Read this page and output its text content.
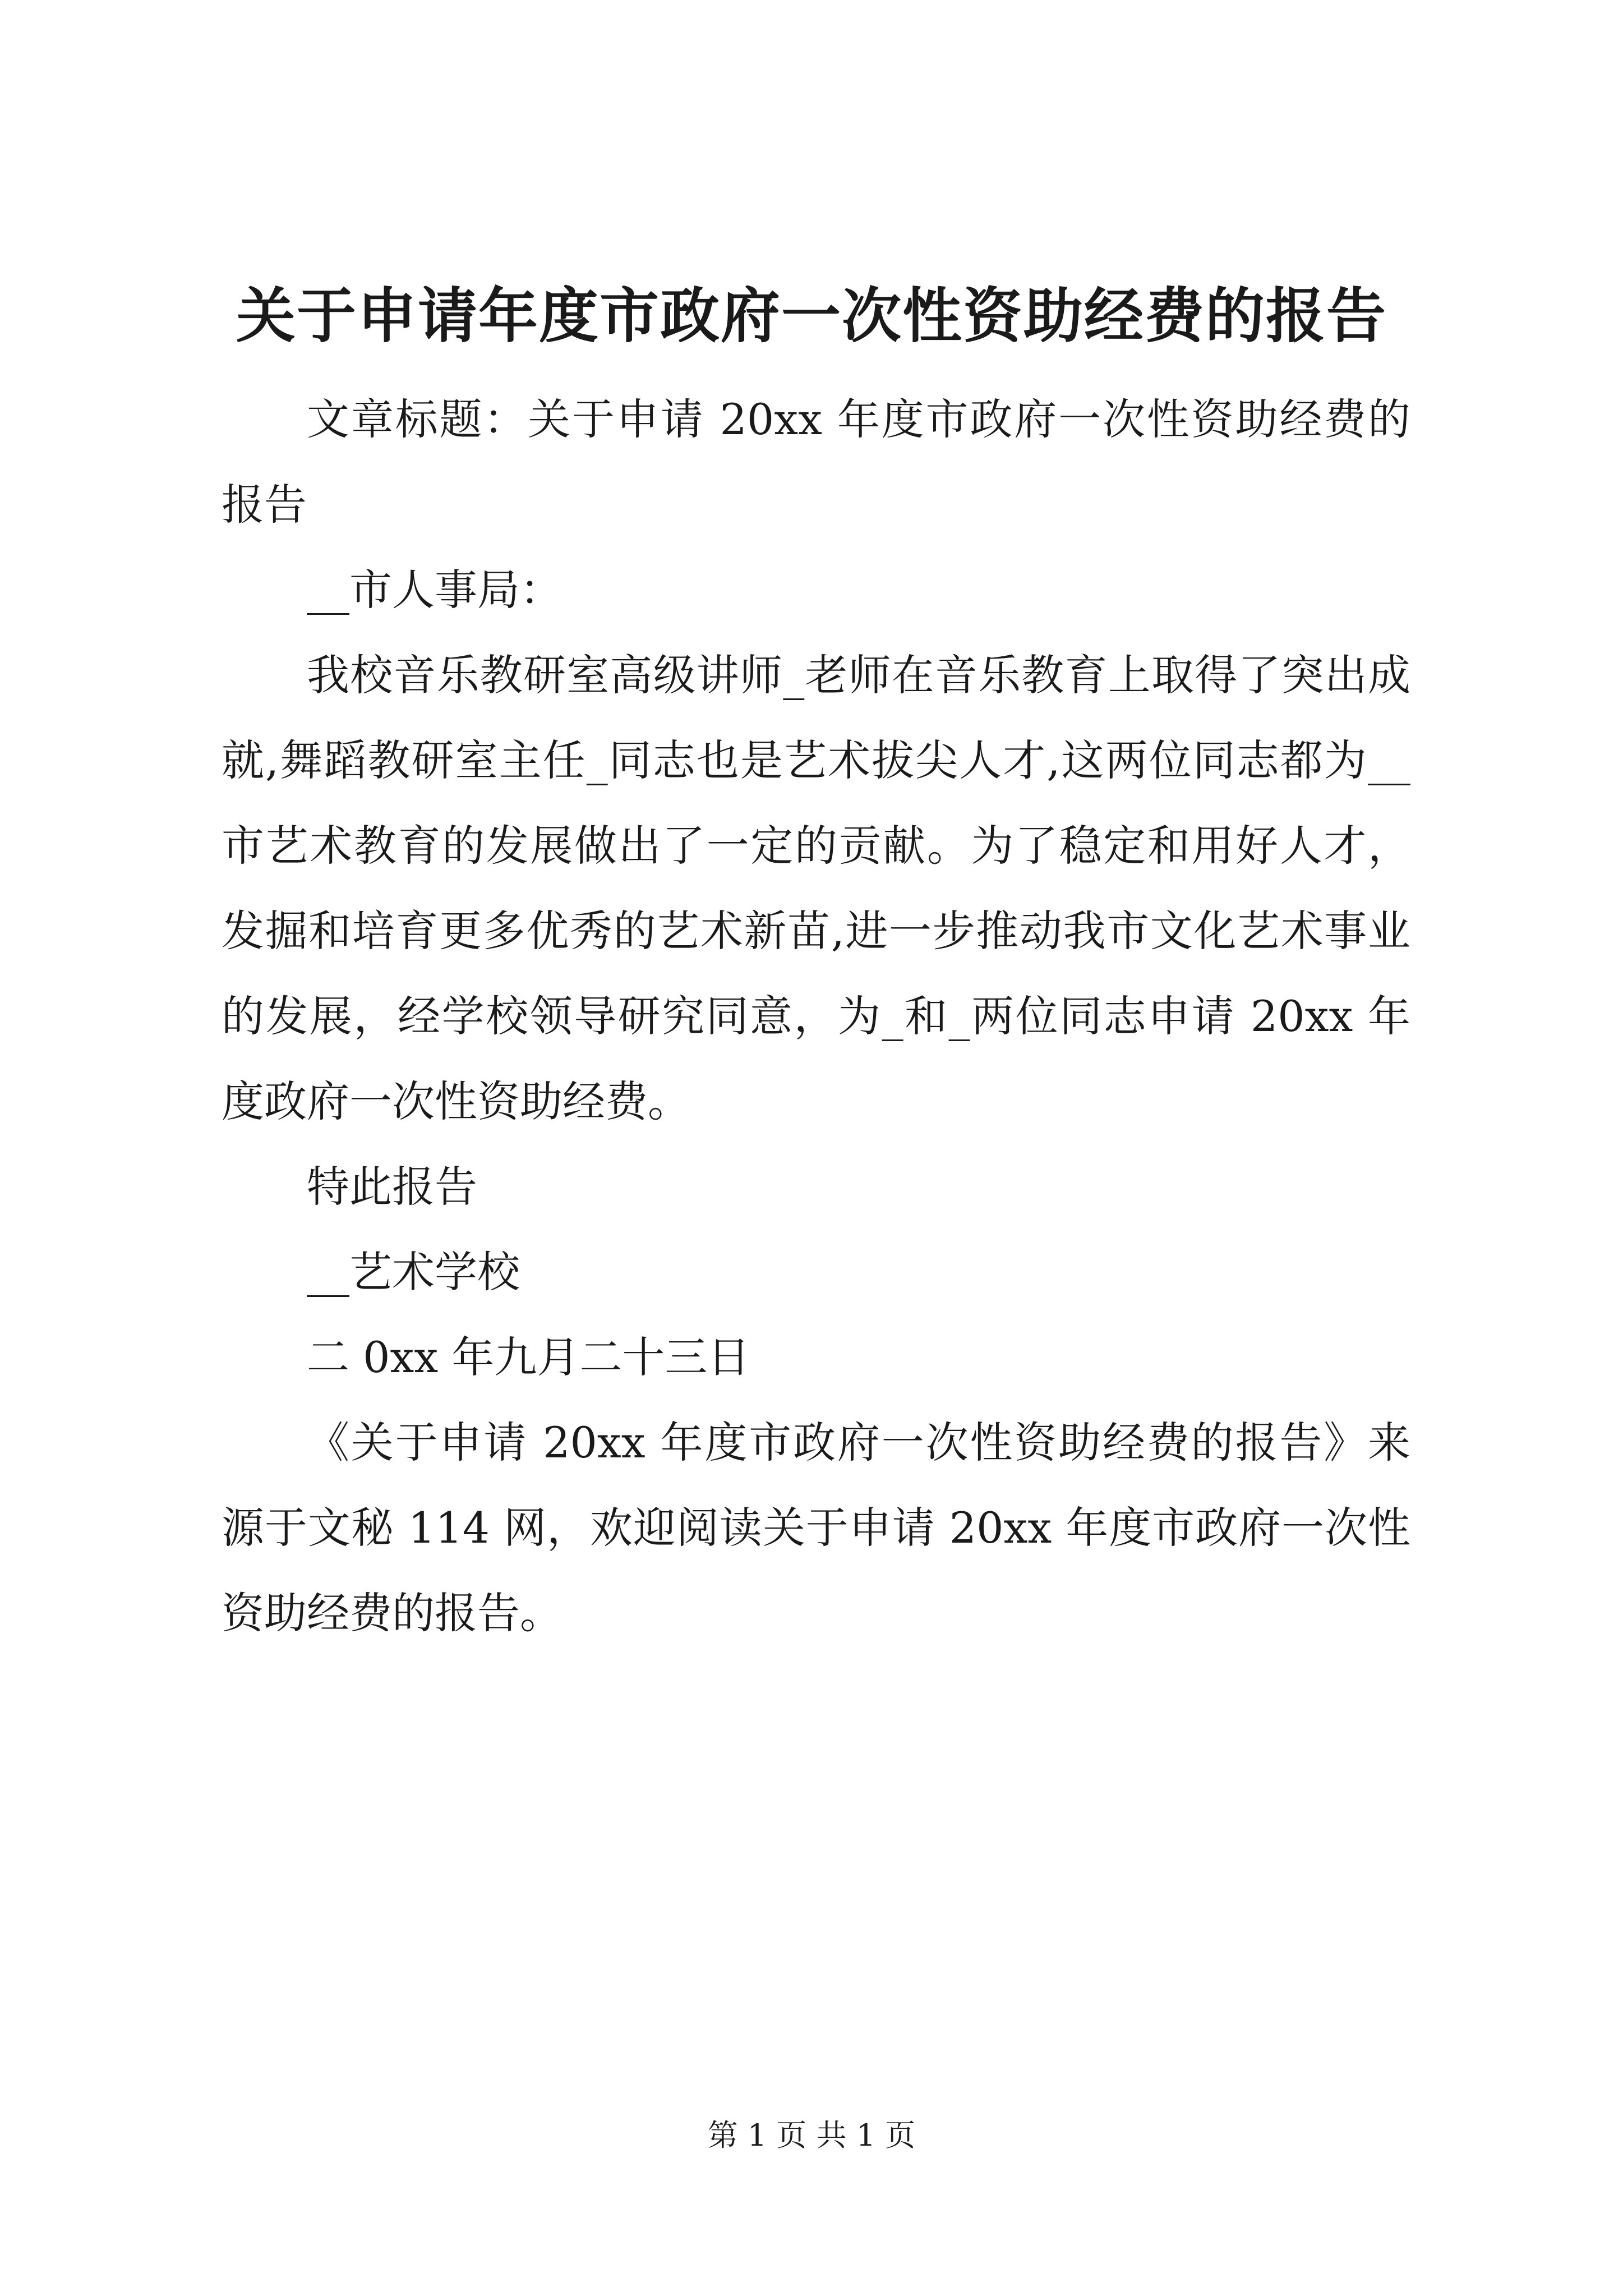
关于申请年度市政府一次性资助经费的报告

文章标题：关于申请 20xx 年度市政府一次性资助经费的报告

__市人事局：

我校音乐教研室高级讲师_老师在音乐教育上取得了突出成就,舞蹈教研室主任_同志也是艺术拔尖人才,这两位同志都为__市艺术教育的发展做出了一定的贡献。为了稳定和用好人才，发掘和培育更多优秀的艺术新苗,进一步推动我市文化艺术事业的发展，经学校领导研究同意，为_和_两位同志申请 20xx 年度政府一次性资助经费。

特此报告

__艺术学校

二 0xx 年九月二十三日

《关于申请 20xx 年度市政府一次性资助经费的报告》来源于文秘 114 网，欢迎阅读关于申请 20xx 年度市政府一次性资助经费的报告。

第 1 页 共 1 页
